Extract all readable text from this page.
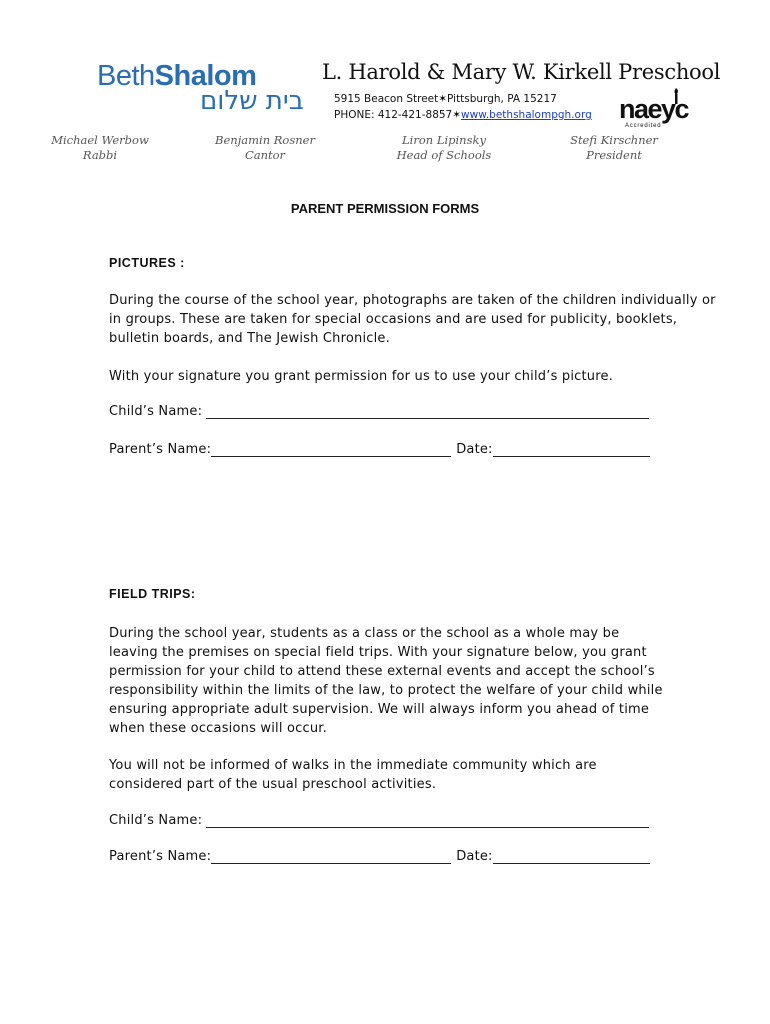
BethShalom
בית שלום
L. Harold & Mary W. Kirkell Preschool
5915 Beacon Street✶Pittsburgh, PA 15217
PHONE: 412-421-8857✶www.bethshalompgh.org naeyc
Accredited
Michael Werbow
Rabbi
Benjamin Rosner
Cantor
Liron Lipinsky
Head of Schools
Stefi Kirschner
President
PARENT PERMISSION FORMS
PICTURES :
During the course of the school year, photographs are taken of the children individually or in groups. These are taken for special occasions and are used for publicity, booklets, bulletin boards, and The Jewish Chronicle.
With your signature you grant permission for us to use your child’s picture.
Child’s Name:
Parent’s Name:	Date:
FIELD TRIPS:
During the school year, students as a class or the school as a whole may be leaving the premises on special field trips. With your signature below, you grant permission for your child to attend these external events and accept the school’s responsibility within the limits of the law, to protect the welfare of your child while ensuring appropriate adult supervision. We will always inform you ahead of time when these occasions will occur.
You will not be informed of walks in the immediate community which are considered part of the usual preschool activities.
Child’s Name:
Parent’s Name:	Date:
